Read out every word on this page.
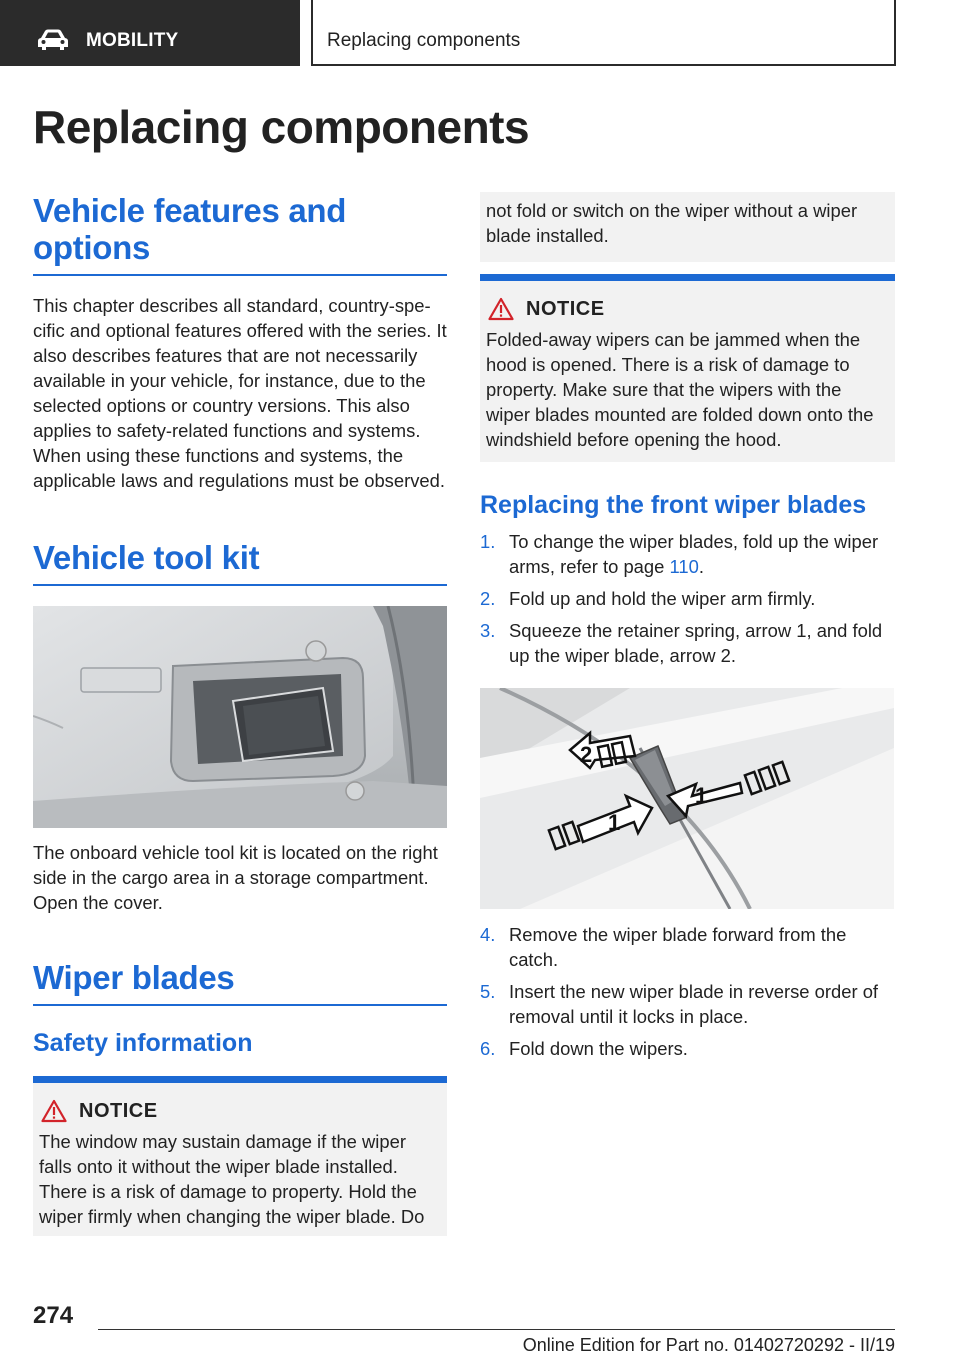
MOBILITY	Replacing components
Replacing components
Vehicle features and
options

This chapter describes all standard, country-specific and optional features offered with the series. It also describes features that are not necessarily available in your vehicle, for instance, due to the selected options or country versions. This also applies to safety-related functions and systems. When using these functions and systems, the applicable laws and regulations must be observed.

Vehicle tool kit

The onboard vehicle tool kit is located on the right side in the cargo area in a storage compartment. Open the cover.

Wiper blades
Safety information
NOTICE

The window may sustain damage if the wiper falls onto it without the wiper blade installed. There is a risk of damage to property. Hold the wiper firmly when changing the wiper blade. Do

not fold or switch on the wiper without a wiper blade installed.

NOTICE

Folded-away wipers can be jammed when the hood is opened. There is a risk of damage to property. Make sure that the wipers with the wiper blades mounted are folded down onto the windshield before opening the hood.

Replacing the front wiper blades
1. To change the wiper blades, fold up the wiper arms, refer to page 110.
2. Fold up and hold the wiper arm firmly.
3. Squeeze the retainer spring, arrow 1, and fold up the wiper blade, arrow 2.
2
1
1
4. Remove the wiper blade forward from the catch.
5. Insert the new wiper blade in reverse order of removal until it locks in place.
6. Fold down the wipers.
274
Online Edition for Part no. 01402720292 - II/19
